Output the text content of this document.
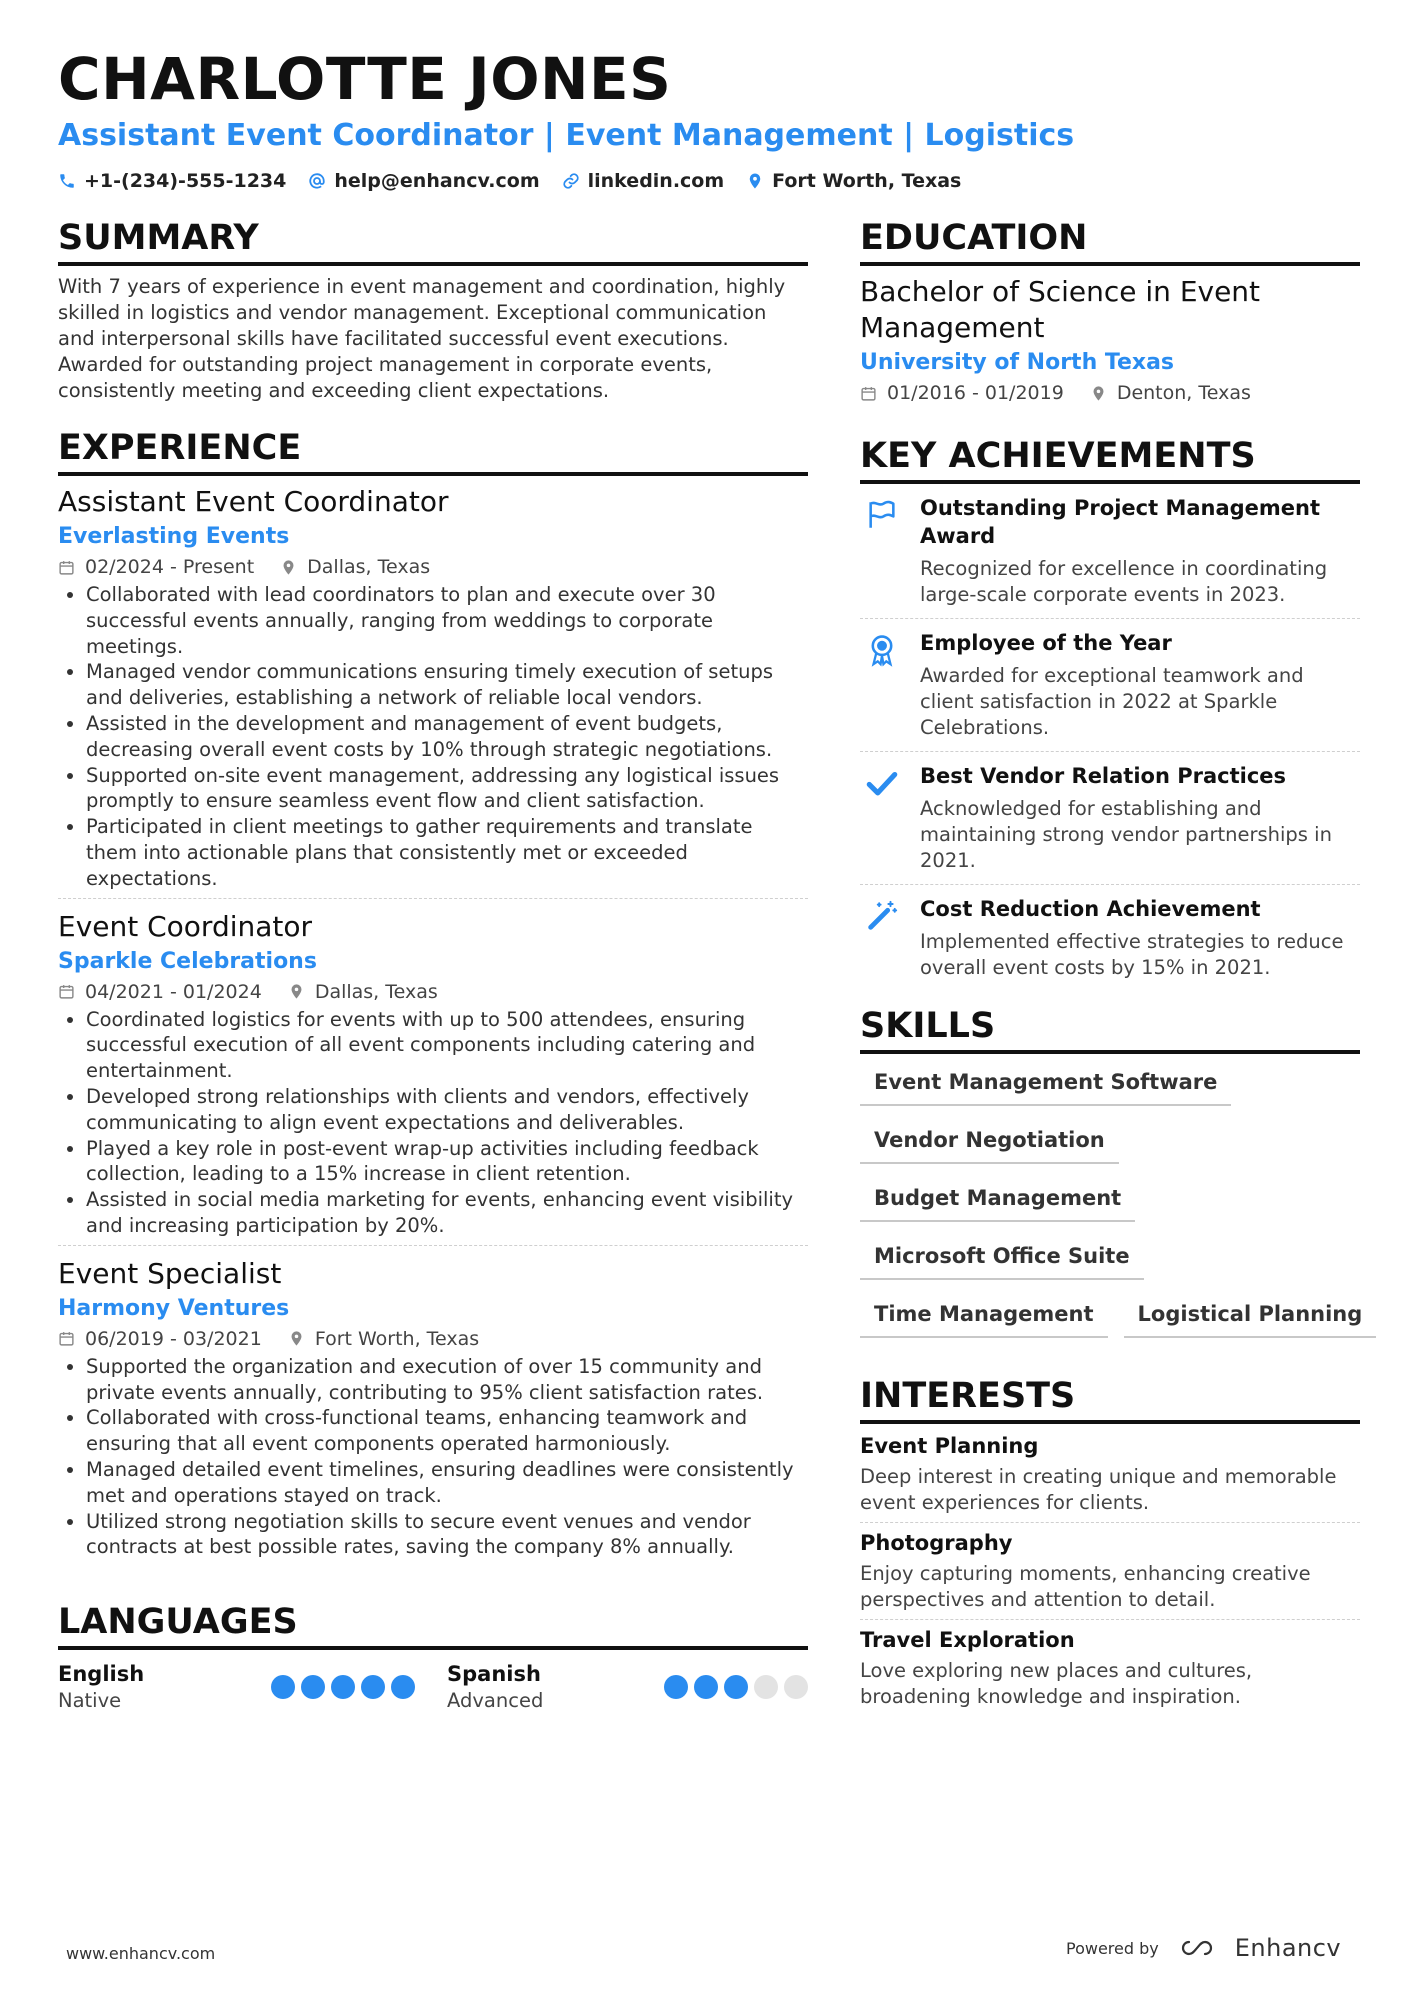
CHARLOTTE JONES
Assistant Event Coordinator | Event Management | Logistics
+1-(234)-555-1234	help@enhancv.com	linkedin.com	Fort Worth, Texas
SUMMARY
With 7 years of experience in event management and coordination, highly skilled in logistics and vendor management. Exceptional communication and interpersonal skills have facilitated successful event executions. Awarded for outstanding project management in corporate events, consistently meeting and exceeding client expectations.
EXPERIENCE
Assistant Event Coordinator
Everlasting Events
02/2024 - Present	Dallas, Texas
• Collaborated with lead coordinators to plan and execute over 30 successful events annually, ranging from weddings to corporate meetings.
• Managed vendor communications ensuring timely execution of setups and deliveries, establishing a network of reliable local vendors.
• Assisted in the development and management of event budgets, decreasing overall event costs by 10% through strategic negotiations.
• Supported on-site event management, addressing any logistical issues promptly to ensure seamless event flow and client satisfaction.
• Participated in client meetings to gather requirements and translate them into actionable plans that consistently met or exceeded expectations.
Event Coordinator
Sparkle Celebrations
04/2021 - 01/2024	Dallas, Texas
• Coordinated logistics for events with up to 500 attendees, ensuring successful execution of all event components including catering and entertainment.
• Developed strong relationships with clients and vendors, effectively communicating to align event expectations and deliverables.
• Played a key role in post-event wrap-up activities including feedback collection, leading to a 15% increase in client retention.
• Assisted in social media marketing for events, enhancing event visibility and increasing participation by 20%.
Event Specialist
Harmony Ventures
06/2019 - 03/2021	Fort Worth, Texas
• Supported the organization and execution of over 15 community and private events annually, contributing to 95% client satisfaction rates.
• Collaborated with cross-functional teams, enhancing teamwork and ensuring that all event components operated harmoniously.
• Managed detailed event timelines, ensuring deadlines were consistently met and operations stayed on track.
• Utilized strong negotiation skills to secure event venues and vendor contracts at best possible rates, saving the company 8% annually.
LANGUAGES
English
Native
Spanish
Advanced
EDUCATION
Bachelor of Science in Event Management
University of North Texas
01/2016 - 01/2019	Denton, Texas
KEY ACHIEVEMENTS
Outstanding Project Management Award
Recognized for excellence in coordinating large-scale corporate events in 2023.
Employee of the Year
Awarded for exceptional teamwork and client satisfaction in 2022 at Sparkle Celebrations.
Best Vendor Relation Practices
Acknowledged for establishing and maintaining strong vendor partnerships in 2021.
Cost Reduction Achievement
Implemented effective strategies to reduce overall event costs by 15% in 2021.
SKILLS
Event Management Software
Vendor Negotiation
Budget Management
Microsoft Office Suite
Time Management Logistical Planning
INTERESTS
Event Planning
Deep interest in creating unique and memorable event experiences for clients.
Photography
Enjoy capturing moments, enhancing creative perspectives and attention to detail.
Travel Exploration
Love exploring new places and cultures, broadening knowledge and inspiration.
www.enhancv.com	Powered by	Enhancv
